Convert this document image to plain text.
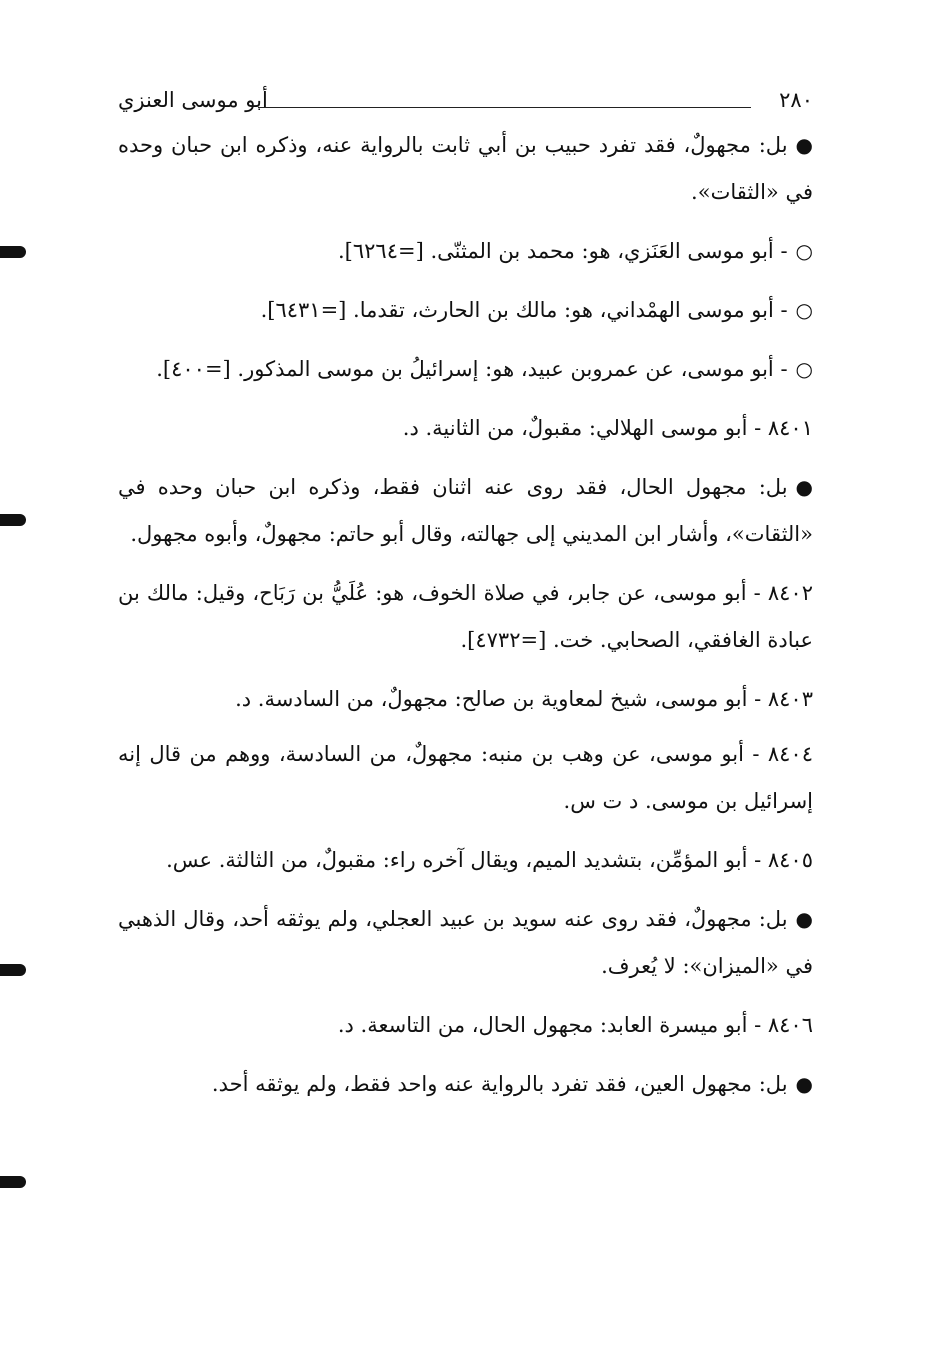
أبو موسى العنزي	٢٨٠

●بل: مجهولٌ، فقد تفرد حبيب بن أبي ثابت بالرواية عنه، وذكره ابن حبان وحده في «الثقات».

○- أبو موسى العَنَزي، هو: محمد بن المثنّى. [=٦٢٦٤].

○- أبو موسى الهمْداني، هو: مالك بن الحارث، تقدما. [=٦٤٣١].

○- أبو موسى، عن عمروبن عبيد، هو: إسرائيلُ بن موسى المذكور. [=٤٠٠].

٨٤٠١ - أبو موسى الهلالي: مقبولٌ، من الثانية. د.

●بل: مجهول الحال، فقد روى عنه اثنان فقط، وذكره ابن حبان وحده في «الثقات»، وأشار ابن المديني إلى جهالته، وقال أبو حاتم: مجهولٌ، وأبوه مجهول.

٨٤٠٢ - أبو موسى، عن جابر، في صلاة الخوف، هو: عُلَيُّ بن رَبَاح، وقيل: مالك بن عبادة الغافقي، الصحابي. خت. [=٤٧٣٢].

٨٤٠٣ - أبو موسى، شيخ لمعاوية بن صالح: مجهولٌ، من السادسة. د.

٨٤٠٤ - أبو موسى، عن وهب بن منبه: مجهولٌ، من السادسة، ووهم من قال إنه إسرائيل بن موسى. د ت س.

٨٤٠٥ - أبو المؤمِّن، بتشديد الميم، ويقال آخره راء: مقبولٌ، من الثالثة. عس.

●بل: مجهولٌ، فقد روى عنه سويد بن عبيد العجلي، ولم يوثقه أحد، وقال الذهبي في «الميزان»: لا يُعرف.

٨٤٠٦ - أبو ميسرة العابد: مجهول الحال، من التاسعة. د.

●بل: مجهول العين، فقد تفرد بالرواية عنه واحد فقط، ولم يوثقه أحد.
